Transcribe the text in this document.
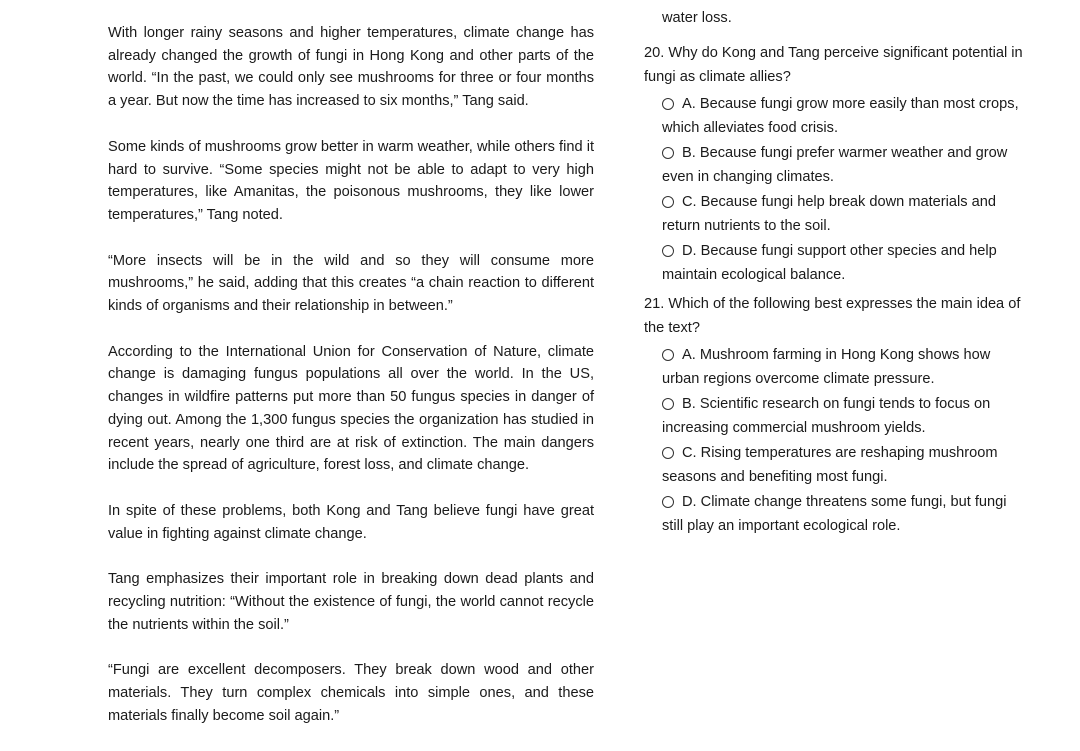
With longer rainy seasons and higher temperatures, climate change has already changed the growth of fungi in Hong Kong and other parts of the world. “In the past, we could only see mushrooms for three or four months a year. But now the time has increased to six months,” Tang said.

Some kinds of mushrooms grow better in warm weather, while others find it hard to survive. “Some species might not be able to adapt to very high temperatures, like Amanitas, the poisonous mushrooms, they like lower temperatures,” Tang noted.

“More insects will be in the wild and so they will consume more mushrooms,” he said, adding that this creates “a chain reaction to different kinds of organisms and their relationship in between.”

According to the International Union for Conservation of Nature, climate change is damaging fungus populations all over the world. In the US, changes in wildfire patterns put more than 50 fungus species in danger of dying out. Among the 1,300 fungus species the organization has studied in recent years, nearly one third are at risk of extinction. The main dangers include the spread of agriculture, forest loss, and climate change.

In spite of these problems, both Kong and Tang believe fungi have great value in fighting against climate change.

Tang emphasizes their important role in breaking down dead plants and recycling nutrition: “Without the existence of fungi, the world cannot recycle the nutrients within the soil.”

“Fungi are excellent decomposers. They break down wood and other materials. They turn complex chemicals into simple ones, and these materials finally become soil again.”

water loss.
20. Why do Kong and Tang perceive significant potential in fungi as climate allies?
A. Because fungi grow more easily than most crops, which alleviates food crisis.
B. Because fungi prefer warmer weather and grow even in changing climates.
C. Because fungi help break down materials and return nutrients to the soil.
D. Because fungi support other species and help maintain ecological balance.
21. Which of the following best expresses the main idea of the text?
A. Mushroom farming in Hong Kong shows how urban regions overcome climate pressure.
B. Scientific research on fungi tends to focus on increasing commercial mushroom yields.
C. Rising temperatures are reshaping mushroom seasons and benefiting most fungi.
D. Climate change threatens some fungi, but fungi still play an important ecological role.
